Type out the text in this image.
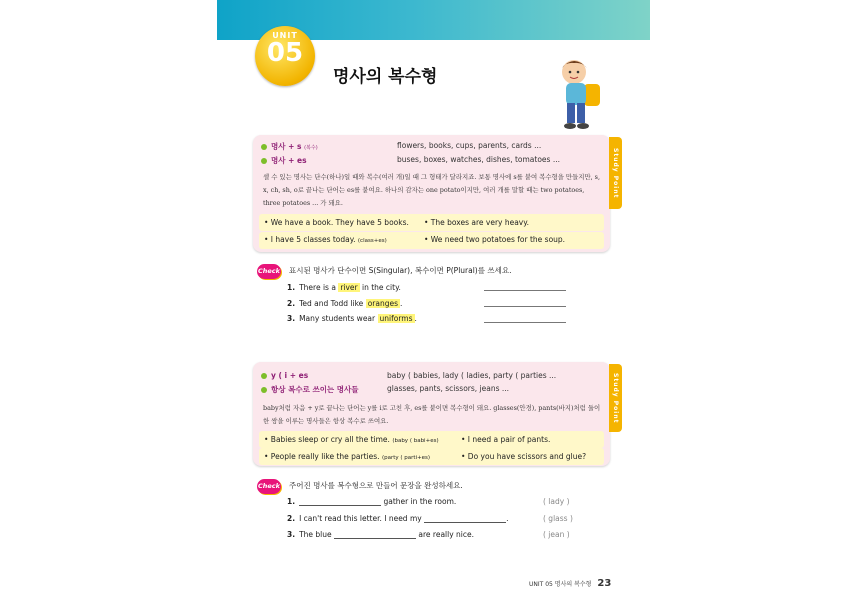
UNIT
05
명사의 복수형
Study Point
명사 + s (복수)	flowers, books, cups, parents, cards ...
명사 + es	buses, boxes, watches, dishes, tomatoes ...
셀 수 있는 명사는 단수(하나)일 때와 복수(여러 개)일 때 그 형태가 달라지죠. 보통 명사에 s를 붙여 복수형을 만들지만, s, x, ch, sh, o로 끝나는 단어는 es를 붙여요. 하나의 감자는 one potato이지만, 여러 개를 말할 때는 two potatoes, three potatoes ... 가 돼요.
• We have a book. They have 5 books. • The boxes are very heavy.
• I have 5 classes today. (class+es)	• We need two potatoes for the soup.
Check 표시된 명사가 단수이면 S(Singular), 복수이면 P(Plural)를 쓰세요.
1. There is a river in the city.
2. Ted and Todd like oranges .
3. Many students wear uniforms .
Study Point
y ( i + es	baby ( babies, lady ( ladies, party ( parties ...
항상 복수로 쓰이는 명사들	glasses, pants, scissors, jeans ...
baby처럼 자음 + y로 끝나는 단어는 y를 i로 고친 후, es를 붙이면 복수형이 돼요. glasses(안경), pants(바지)처럼 둘이 한 쌍을 이루는 명사들은 항상 복수로 쓰여요.
• Babies sleep or cry all the time. (baby ( babi+es)	• I need a pair of pants.
• People really like the parties. (party ( parti+es)	• Do you have scissors and glue?
Check 주어진 명사를 복수형으로 만들어 문장을 완성하세요.
1.	gather in the room.	( lady )
2. I can't read this letter. I need my	.	( glass )
3. The blue	are really nice.	( jean )
UNIT 05 명사의 복수형 23
